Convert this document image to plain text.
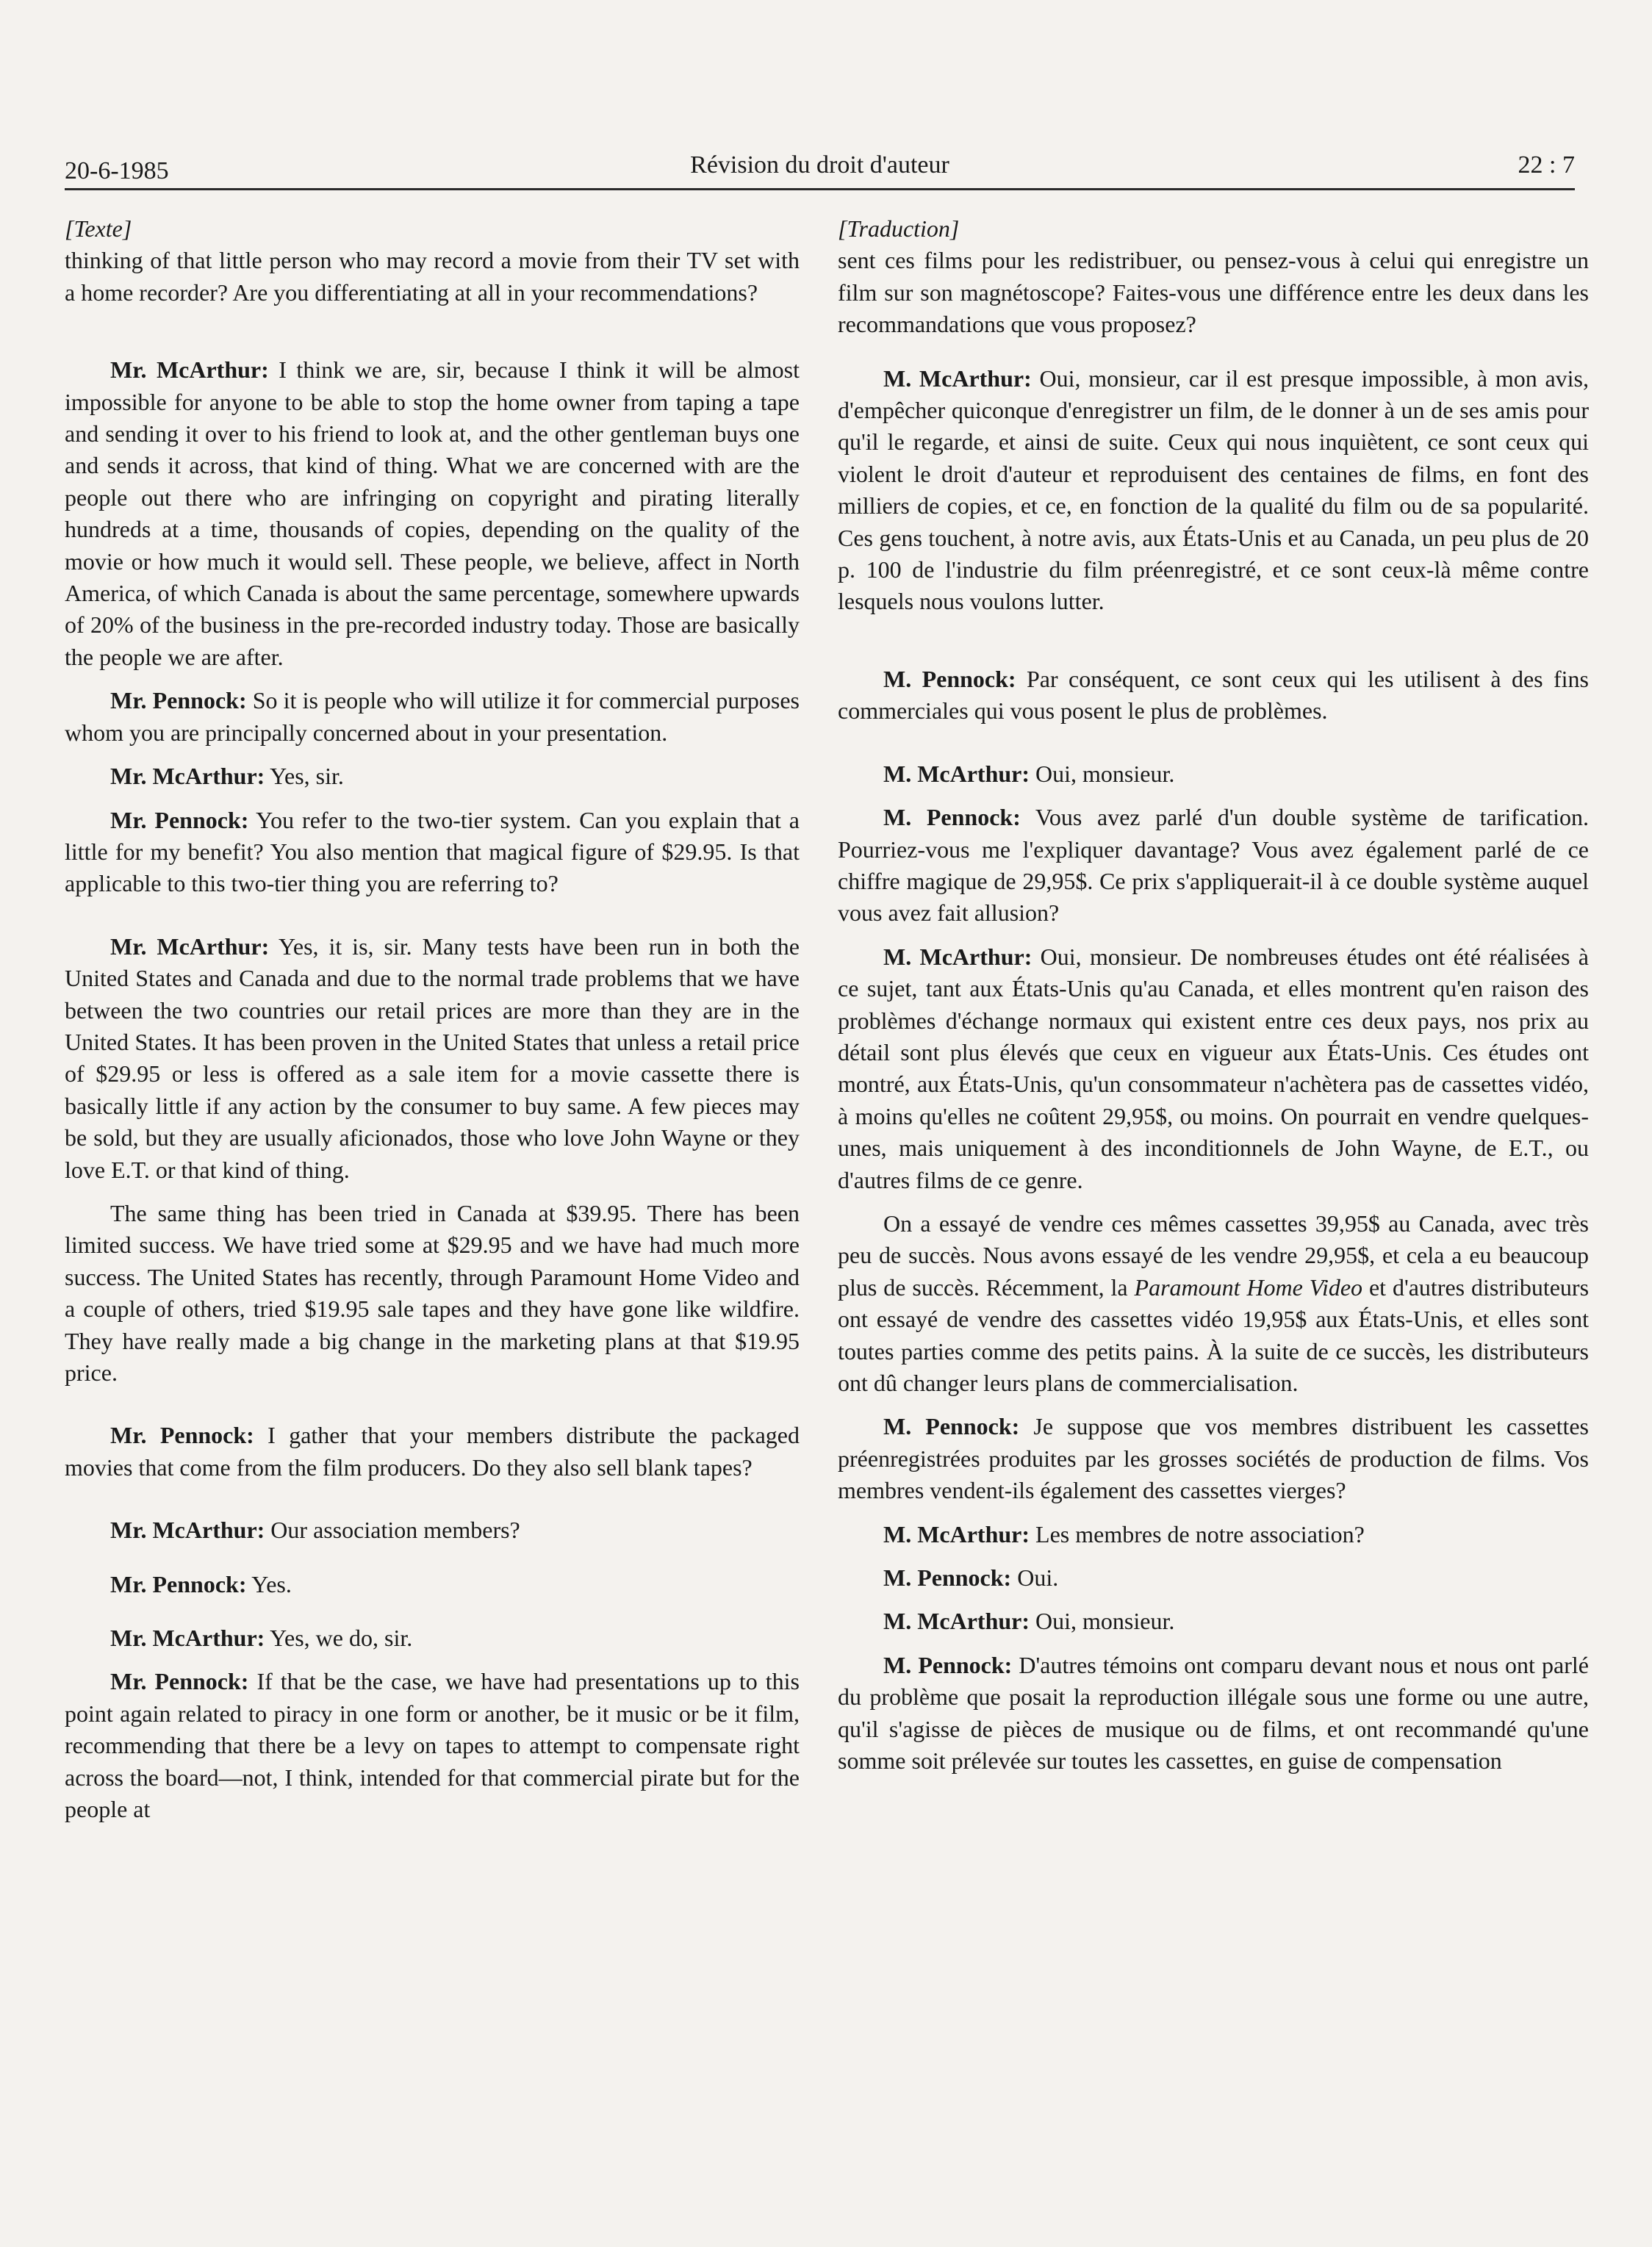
20-6-1985	Révision du droit d'auteur	22 : 7

[Texte]

thinking of that little person who may record a movie from their TV set with a home recorder? Are you differentiating at all in your recommendations?

Mr. McArthur: I think we are, sir, because I think it will be almost impossible for anyone to be able to stop the home owner from taping a tape and sending it over to his friend to look at, and the other gentleman buys one and sends it across, that kind of thing. What we are concerned with are the people out there who are infringing on copyright and pirating literally hundreds at a time, thousands of copies, depending on the quality of the movie or how much it would sell. These people, we believe, affect in North America, of which Canada is about the same percentage, somewhere upwards of 20% of the business in the pre-recorded industry today. Those are basically the people we are after.

Mr. Pennock: So it is people who will utilize it for commercial purposes whom you are principally concerned about in your presentation.

Mr. McArthur: Yes, sir.

Mr. Pennock: You refer to the two-tier system. Can you explain that a little for my benefit? You also mention that magical figure of $29.95. Is that applicable to this two-tier thing you are referring to?

Mr. McArthur: Yes, it is, sir. Many tests have been run in both the United States and Canada and due to the normal trade problems that we have between the two countries our retail prices are more than they are in the United States. It has been proven in the United States that unless a retail price of $29.95 or less is offered as a sale item for a movie cassette there is basically little if any action by the consumer to buy same. A few pieces may be sold, but they are usually aficionados, those who love John Wayne or they love E.T. or that kind of thing.

The same thing has been tried in Canada at $39.95. There has been limited success. We have tried some at $29.95 and we have had much more success. The United States has recently, through Paramount Home Video and a couple of others, tried $19.95 sale tapes and they have gone like wildfire. They have really made a big change in the marketing plans at that $19.95 price.

Mr. Pennock: I gather that your members distribute the packaged movies that come from the film producers. Do they also sell blank tapes?

Mr. McArthur: Our association members?

Mr. Pennock: Yes.

Mr. McArthur: Yes, we do, sir.

Mr. Pennock: If that be the case, we have had presentations up to this point again related to piracy in one form or another, be it music or be it film, recommending that there be a levy on tapes to attempt to compensate right across the board—not, I think, intended for that commercial pirate but for the people at

[Traduction]

sent ces films pour les redistribuer, ou pensez-vous à celui qui enregistre un film sur son magnétoscope? Faites-vous une différence entre les deux dans les recommandations que vous proposez?

M. McArthur: Oui, monsieur, car il est presque impossible, à mon avis, d'empêcher quiconque d'enregistrer un film, de le donner à un de ses amis pour qu'il le regarde, et ainsi de suite. Ceux qui nous inquiètent, ce sont ceux qui violent le droit d'auteur et reproduisent des centaines de films, en font des milliers de copies, et ce, en fonction de la qualité du film ou de sa popularité. Ces gens touchent, à notre avis, aux États-Unis et au Canada, un peu plus de 20 p. 100 de l'industrie du film préenregistré, et ce sont ceux-là même contre lesquels nous voulons lutter.

M. Pennock: Par conséquent, ce sont ceux qui les utilisent à des fins commerciales qui vous posent le plus de problèmes.

M. McArthur: Oui, monsieur.

M. Pennock: Vous avez parlé d'un double système de tarification. Pourriez-vous me l'expliquer davantage? Vous avez également parlé de ce chiffre magique de 29,95$. Ce prix s'appliquerait-il à ce double système auquel vous avez fait allusion?

M. McArthur: Oui, monsieur. De nombreuses études ont été réalisées à ce sujet, tant aux États-Unis qu'au Canada, et elles montrent qu'en raison des problèmes d'échange normaux qui existent entre ces deux pays, nos prix au détail sont plus élevés que ceux en vigueur aux États-Unis. Ces études ont montré, aux États-Unis, qu'un consommateur n'achètera pas de cassettes vidéo, à moins qu'elles ne coûtent 29,95$, ou moins. On pourrait en vendre quelques-unes, mais uniquement à des inconditionnels de John Wayne, de E.T., ou d'autres films de ce genre.

On a essayé de vendre ces mêmes cassettes 39,95$ au Canada, avec très peu de succès. Nous avons essayé de les vendre 29,95$, et cela a eu beaucoup plus de succès. Récemment, la Paramount Home Video et d'autres distributeurs ont essayé de vendre des cassettes vidéo 19,95$ aux États-Unis, et elles sont toutes parties comme des petits pains. À la suite de ce succès, les distributeurs ont dû changer leurs plans de commercialisation.

M. Pennock: Je suppose que vos membres distribuent les cassettes préenregistrées produites par les grosses sociétés de production de films. Vos membres vendent-ils également des cassettes vierges?

M. McArthur: Les membres de notre association?

M. Pennock: Oui.

M. McArthur: Oui, monsieur.

M. Pennock: D'autres témoins ont comparu devant nous et nous ont parlé du problème que posait la reproduction illégale sous une forme ou une autre, qu'il s'agisse de pièces de musique ou de films, et ont recommandé qu'une somme soit prélevée sur toutes les cassettes, en guise de compensation
